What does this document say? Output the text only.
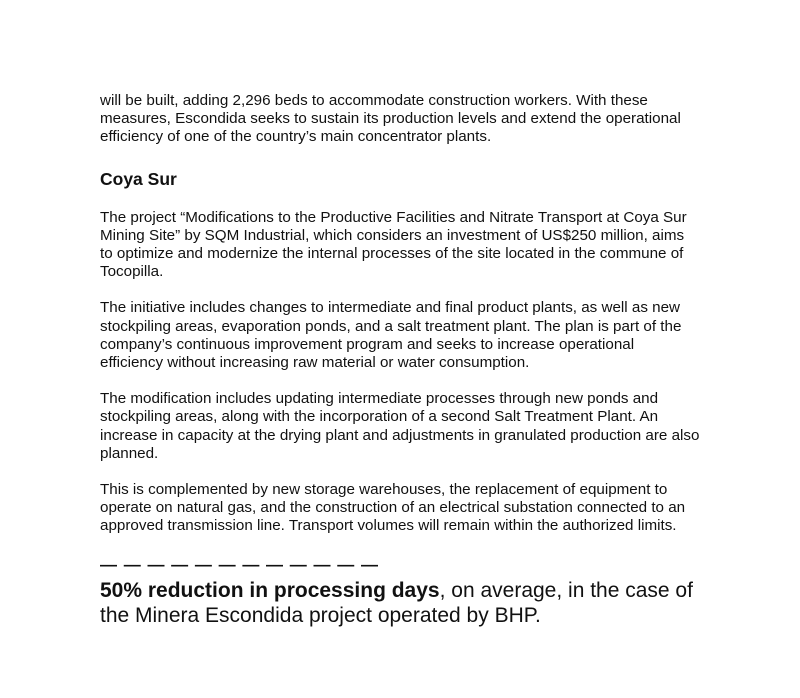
will be built, adding 2,296 beds to accommodate construction workers. With these measures, Escondida seeks to sustain its production levels and extend the operational efficiency of one of the country’s main concentrator plants.

Coya Sur

The project “Modifications to the Productive Facilities and Nitrate Transport at Coya Sur Mining Site” by SQM Industrial, which considers an investment of US$250 million, aims to optimize and modernize the internal processes of the site located in the commune of Tocopilla.

The initiative includes changes to intermediate and final product plants, as well as new stockpiling areas, evaporation ponds, and a salt treatment plant. The plan is part of the company’s continuous improvement program and seeks to increase operational efficiency without increasing raw material or water consumption.

The modification includes updating intermediate processes through new ponds and stockpiling areas, along with the incorporation of a second Salt Treatment Plant. An increase in capacity at the drying plant and adjustments in granulated production are also planned.

This is complemented by new storage warehouses, the replacement of equipment to operate on natural gas, and the construction of an electrical substation connected to an approved transmission line. Transport volumes will remain within the authorized limits.

— — — — — — — — — — — —

50% reduction in processing days, on average, in the case of the Minera Escondida project operated by BHP.
